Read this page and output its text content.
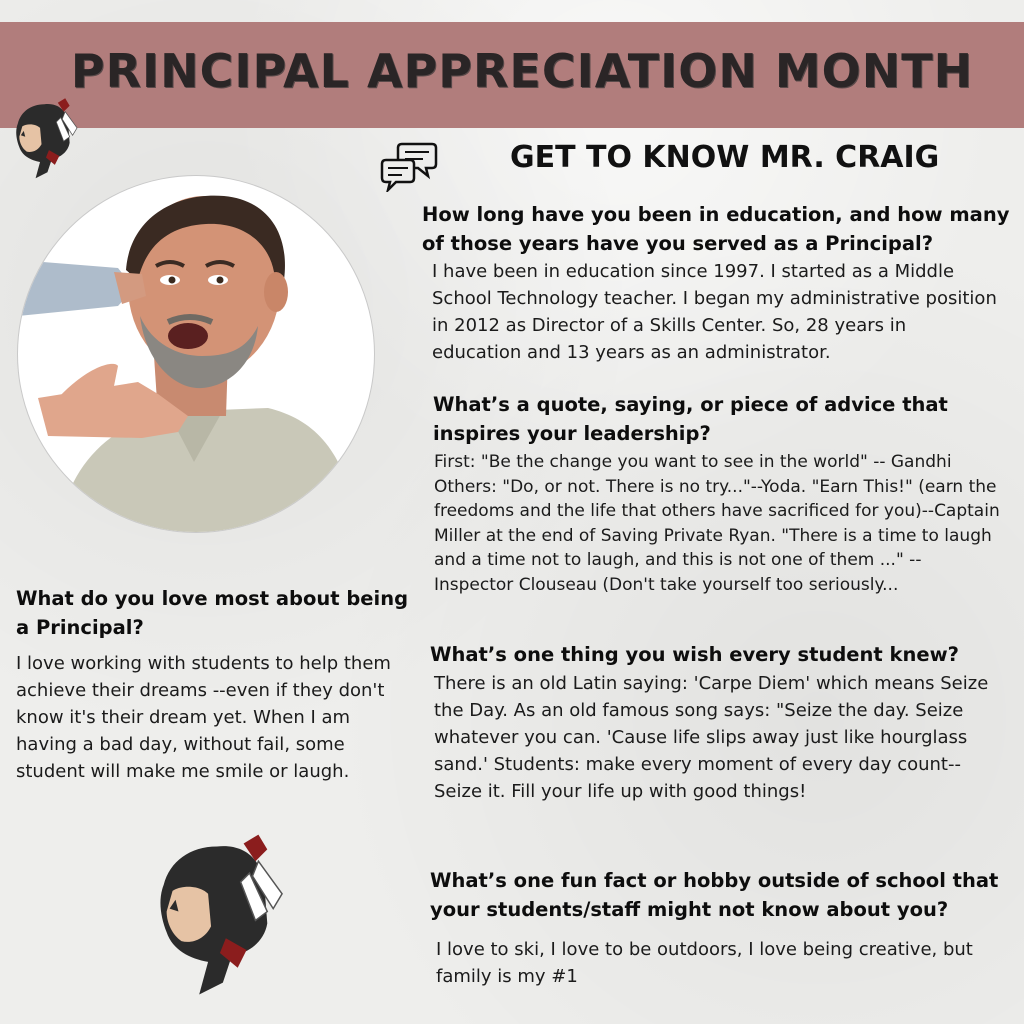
PRINCIPAL APPRECIATION MONTH
GET TO KNOW MR. CRAIG

How long have you been in education, and how many of those years have you served as a Principal?

I have been in education since 1997. I started as a Middle School Technology teacher. I began my administrative position in 2012 as Director of a Skills Center. So, 28 years in education and 13 years as an administrator.

What’s a quote, saying, or piece of advice that inspires your leadership?

First: "Be the change you want to see in the world" -- Gandhi Others: "Do, or not. There is no try..."--Yoda. "Earn This!" (earn the freedoms and the life that others have sacrificed for you)--Captain Miller at the end of Saving Private Ryan. "There is a time to laugh and a time not to laugh, and this is not one of them ..." -- Inspector Clouseau (Don't take yourself too seriously...

What do you love most about being a Principal?

I love working with students to help them achieve their dreams --even if they don't know it's their dream yet. When I am having a bad day, without fail, some student will make me smile or laugh.

What’s one thing you wish every student knew?

There is an old Latin saying: 'Carpe Diem' which means Seize the Day. As an old famous song says: "Seize the day. Seize whatever you can. 'Cause life slips away just like hourglass sand.' Students: make every moment of every day count--Seize it. Fill your life up with good things!

What’s one fun fact or hobby outside of school that your students/staff might not know about you?

I love to ski, I love to be outdoors, I love being creative, but family is my #1
